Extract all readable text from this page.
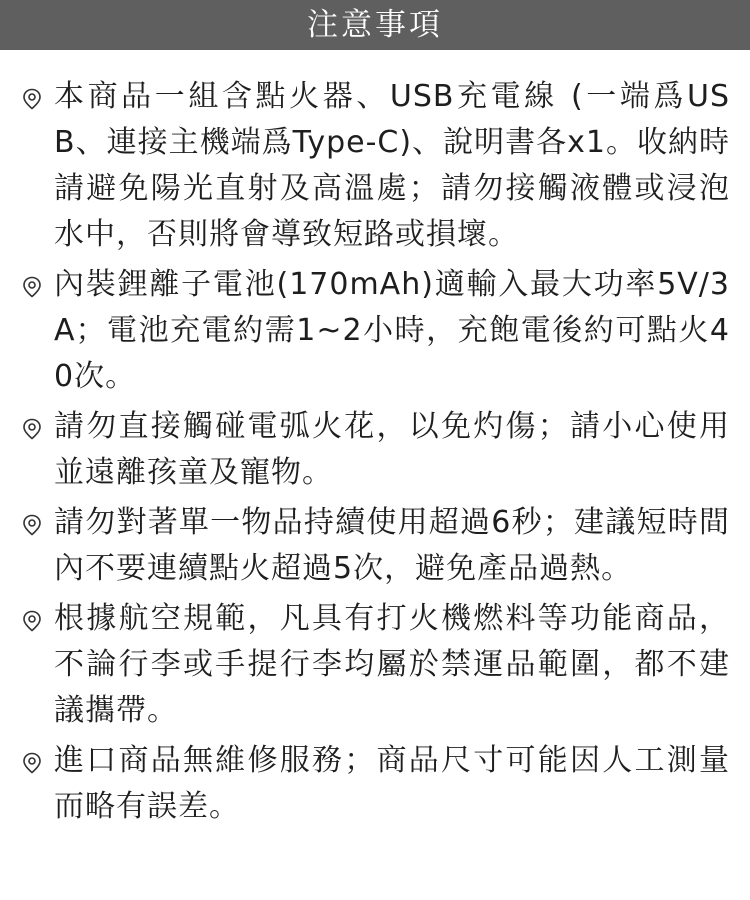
注意事項
本商品一組含點火器、USB充電線 (一端爲USB、連接主機端爲Type-C)、說明書各x1。收納時請避免陽光直射及高溫處；請勿接觸液體或浸泡水中，否則將會導致短路或損壞。
內裝鋰離子電池(170mAh)適輸入最大功率5V/3A；電池充電約需1~2小時，充飽電後約可點火40次。
請勿直接觸碰電弧火花，以免灼傷；請小心使用並遠離孩童及寵物。
請勿對著單一物品持續使用超過6秒；建議短時間內不要連續點火超過5次，避免產品過熱。
根據航空規範，凡具有打火機燃料等功能商品，不論行李或手提行李均屬於禁運品範圍，都不建議攜帶。
進口商品無維修服務；商品尺寸可能因人工測量而略有誤差。
